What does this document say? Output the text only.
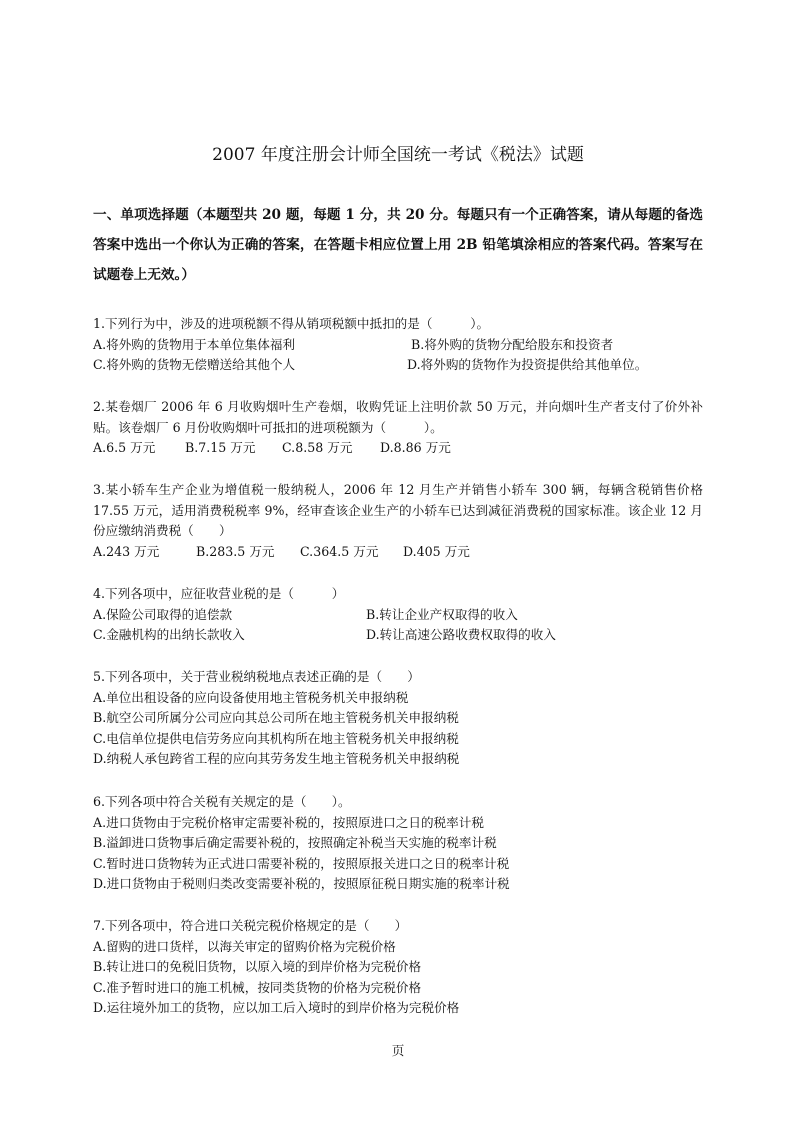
2007 年度注册会计师全国统一考试《税法》试题
一、单项选择题（本题型共 20 题，每题 1 分，共 20 分。每题只有一个正确答案，请从每题的备选答案中选出一个你认为正确的答案，在答题卡相应位置上用 2B 铅笔填涂相应的答案代码。答案写在试题卷上无效。）
1.下列行为中，涉及的进项税额不得从销项税额中抵扣的是（　　　）。
A.将外购的货物用于本单位集体福利	B.将外购的货物分配给股东和投资者
C.将外购的货物无偿赠送给其他个人	D.将外购的货物作为投资提供给其他单位。
2.某卷烟厂 2006 年 6 月收购烟叶生产卷烟，收购凭证上注明价款 50 万元，并向烟叶生产者支付了价外补贴。该卷烟厂 6 月份收购烟叶可抵扣的进项税额为（　　　）。
A.6.5 万元 B.7.15 万元 C.8.58 万元 D.8.86 万元
3.某小轿车生产企业为增值税一般纳税人，2006 年 12 月生产并销售小轿车 300 辆，每辆含税销售价格 17.55 万元，适用消费税税率 9%，经审查该企业生产的小轿车已达到减征消费税的国家标准。该企业 12 月份应缴纳消费税（　　）
A.243 万元	B.283.5 万元 C.364.5 万元 D.405 万元
4.下列各项中，应征收营业税的是（　　　）
A.保险公司取得的追偿款	B.转让企业产权取得的收入
C.金融机构的出纳长款收入	D.转让高速公路收费权取得的收入
5.下列各项中，关于营业税纳税地点表述正确的是（　　）
A.单位出租设备的应向设备使用地主管税务机关申报纳税
B.航空公司所属分公司应向其总公司所在地主管税务机关申报纳税
C.电信单位提供电信劳务应向其机构所在地主管税务机关申报纳税
D.纳税人承包跨省工程的应向其劳务发生地主管税务机关申报纳税
6.下列各项中符合关税有关规定的是（　　）。
A.进口货物由于完税价格审定需要补税的，按照原进口之日的税率计税
B.溢卸进口货物事后确定需要补税的，按照确定补税当天实施的税率计税
C.暂时进口货物转为正式进口需要补税的，按照原报关进口之日的税率计税
D.进口货物由于税则归类改变需要补税的，按照原征税日期实施的税率计税
7.下列各项中，符合进口关税完税价格规定的是（　　）
A.留购的进口货样，以海关审定的留购价格为完税价格
B.转让进口的免税旧货物，以原入境的到岸价格为完税价格
C.准予暂时进口的施工机械，按同类货物的价格为完税价格
D.运往境外加工的货物，应以加工后入境时的到岸价格为完税价格
页
